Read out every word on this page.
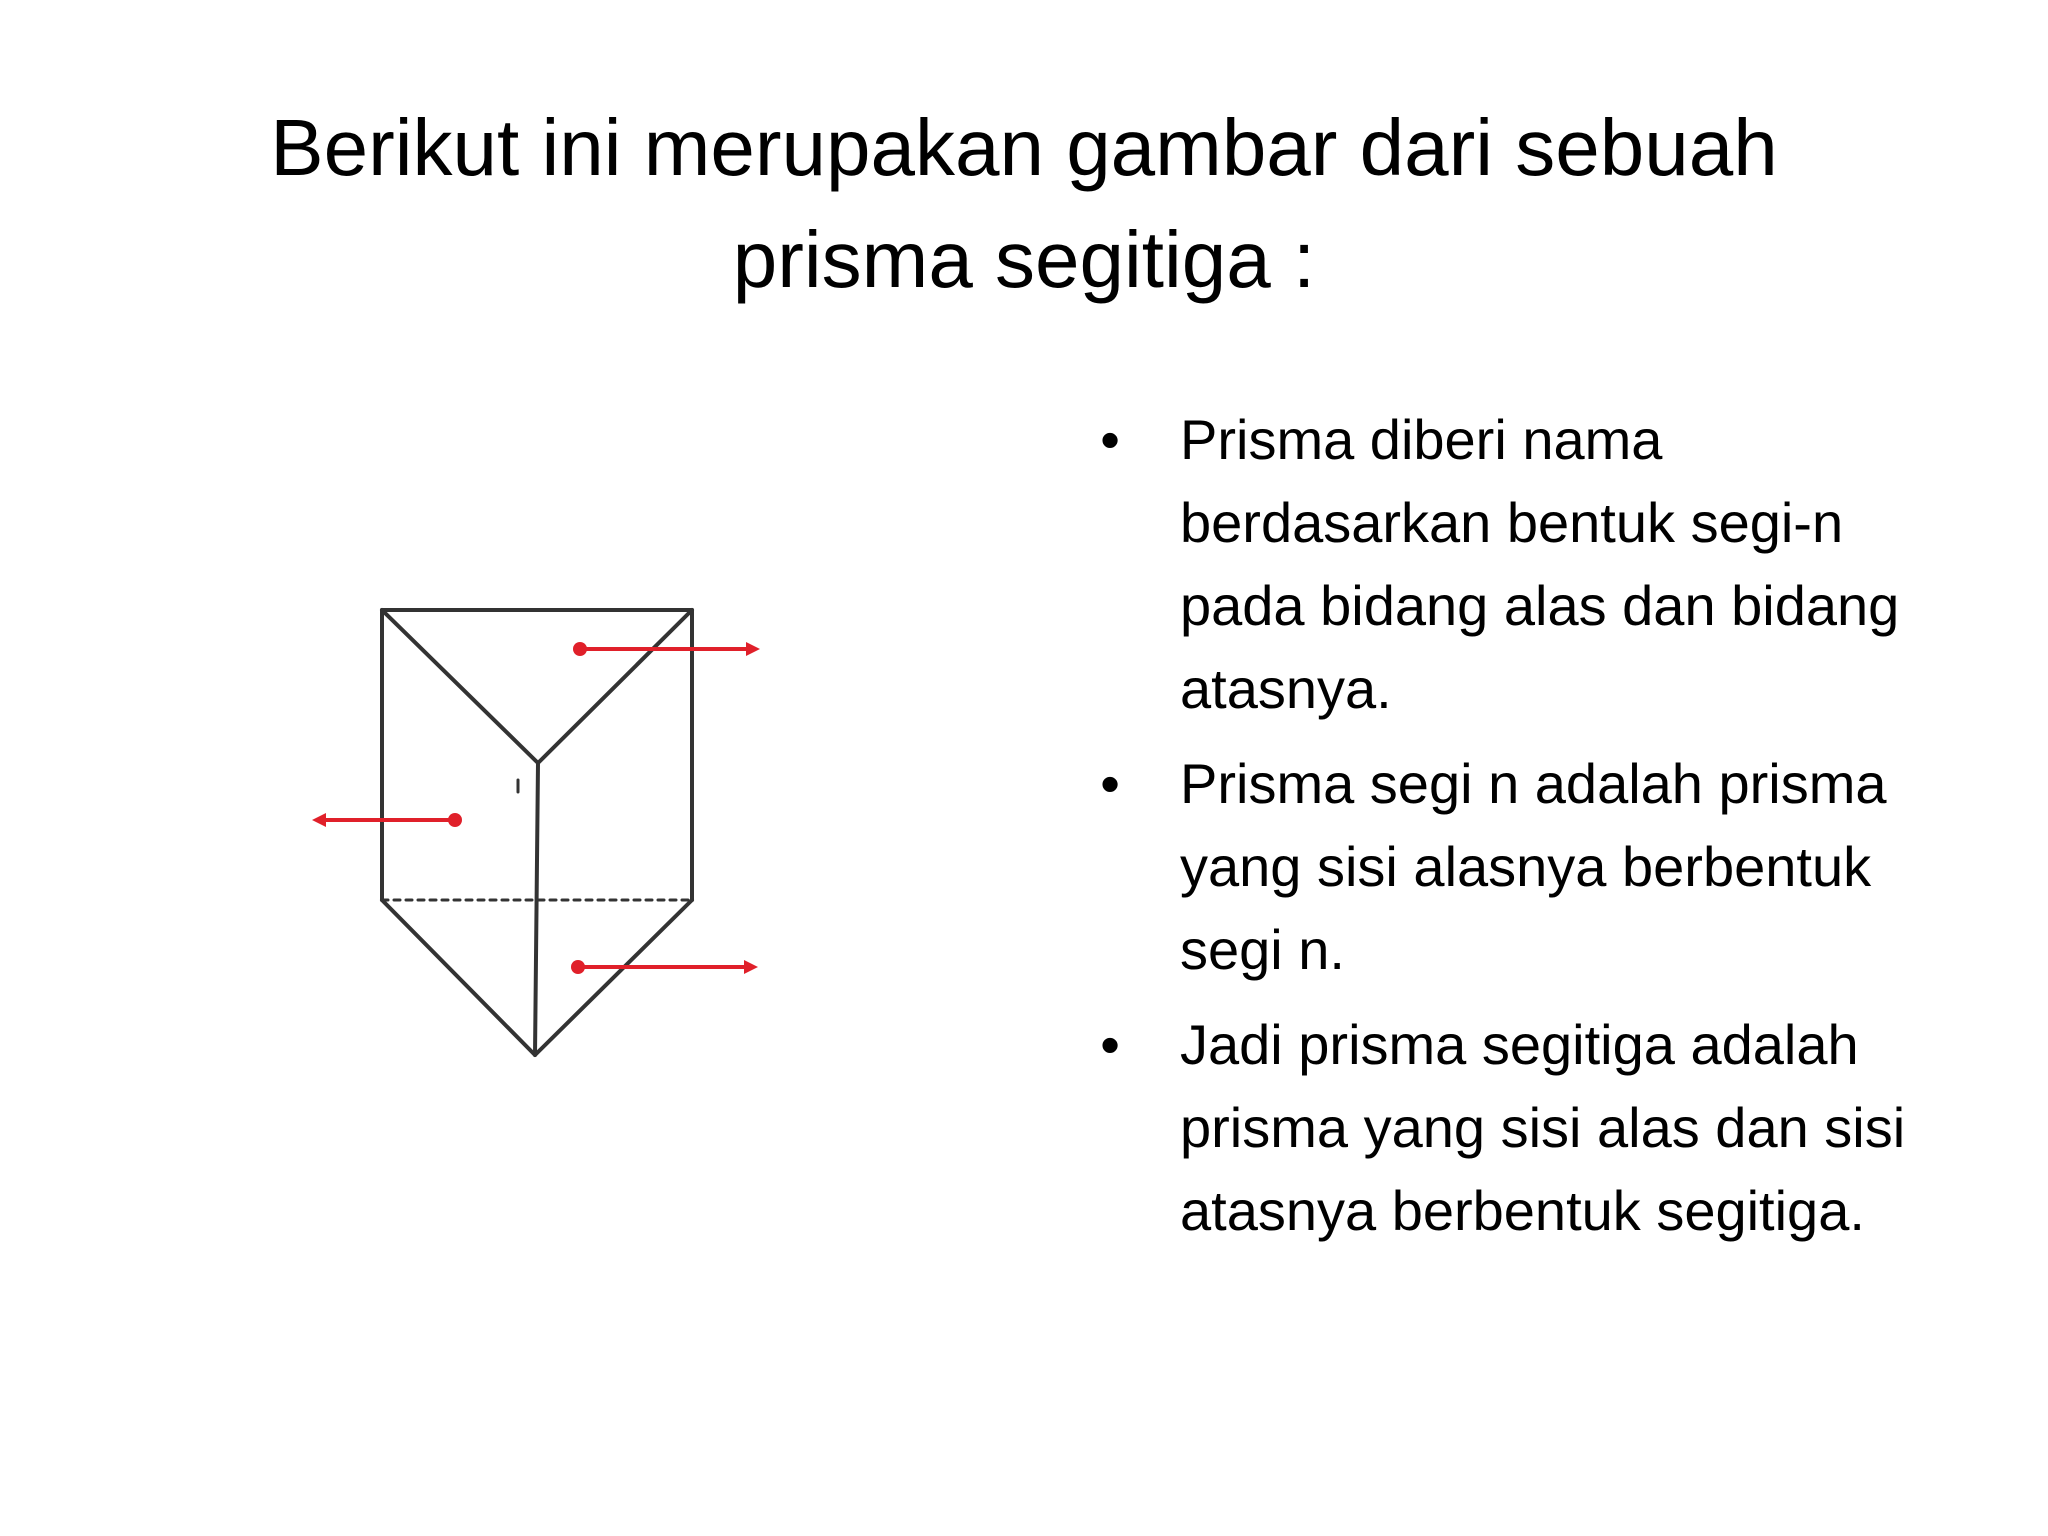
Berikut ini merupakan gambar dari sebuah
prisma segitiga :
• Prisma diberi nama
berdasarkan bentuk segi-n
pada bidang alas dan bidang
atasnya.
• Prisma segi n adalah prisma
yang sisi alasnya berbentuk
segi n.
• Jadi prisma segitiga adalah
prisma yang sisi alas dan sisi
atasnya berbentuk segitiga.
